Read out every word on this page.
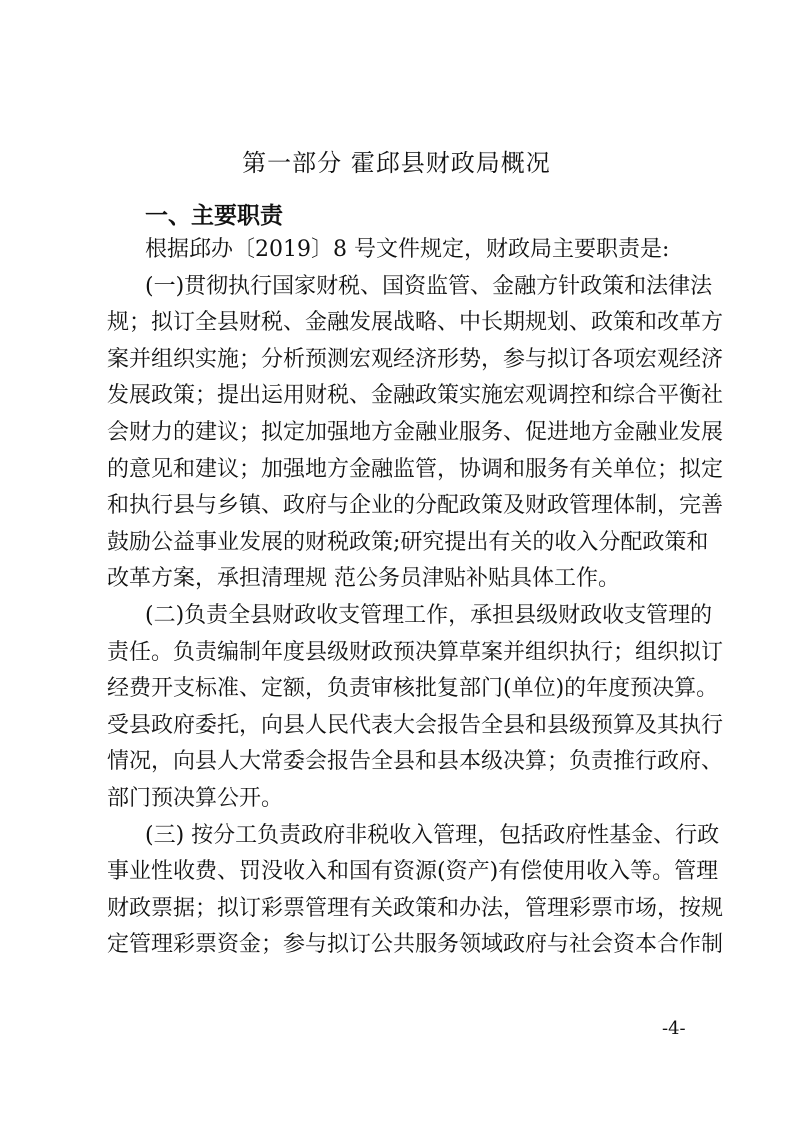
第一部分 霍邱县财政局概况
一、主要职责
根据邱办〔2019〕8 号文件规定，财政局主要职责是:
(一)贯彻执行国家财税、国资监管、金融方针政策和法律法
规；拟订全县财税、金融发展战略、中长期规划、政策和改革方
案并组织实施；分析预测宏观经济形势，参与拟订各项宏观经济
发展政策；提出运用财税、金融政策实施宏观调控和综合平衡社
会财力的建议；拟定加强地方金融业服务、促进地方金融业发展
的意见和建议；加强地方金融监管，协调和服务有关单位；拟定
和执行县与乡镇、政府与企业的分配政策及财政管理体制，完善
鼓励公益事业发展的财税政策;研究提出有关的收入分配政策和
改革方案，承担清理规 范公务员津贴补贴具体工作。
(二)负责全县财政收支管理工作，承担县级财政收支管理的
责任。负责编制年度县级财政预决算草案并组织执行；组织拟订
经费开支标准、定额，负责审核批复部门(单位)的年度预决算。
受县政府委托，向县人民代表大会报告全县和县级预算及其执行
情况，向县人大常委会报告全县和县本级决算；负责推行政府、
部门预决算公开。
(三) 按分工负责政府非税收入管理，包括政府性基金、行政
事业性收费、罚没收入和国有资源(资产)有偿使用收入等。管理
财政票据；拟订彩票管理有关政策和办法，管理彩票市场，按规
定管理彩票资金；参与拟订公共服务领域政府与社会资本合作制
-4-
